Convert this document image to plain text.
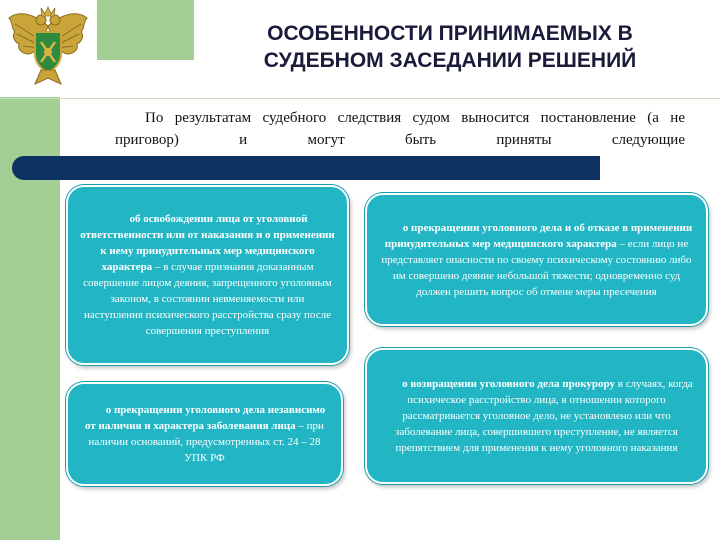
ОСОБЕННОСТИ ПРИНИМАЕМЫХ В
СУДЕБНОМ ЗАСЕДАНИИ РЕШЕНИЙ
По результатам судебного следствия судом выносится постановление (а не приговор) и могут быть приняты следующие

об освобождении лица от уголовной ответственности или от наказания и о применении к нему принудительных мер медицинского характера – в случае признания доказанным совершение лицом деяния, запрещенного уголовным законом, в состоянии невменяемости или наступления психического расстройства сразу после совершения преступления

о прекращении уголовного дела и об отказе в применении принудительных мер медицинского характера – если лицо не представляет опасности по своему психическому состоянию либо им совершено деяние небольшой тяжести; одновременно суд должен решить вопрос об отмене меры пресечения

о прекращении уголовного дела независимо от наличия и характера заболевания лица – при наличии оснований, предусмотренных ст. 24 – 28 УПК РФ

о возвращении уголовного дела прокурору в случаях, когда психическое расстройство лица, в отношении которого рассматривается уголовное дело, не установлено или что заболевание лица, совершившего преступление, не является препятствием для применения к нему уголовного наказания
